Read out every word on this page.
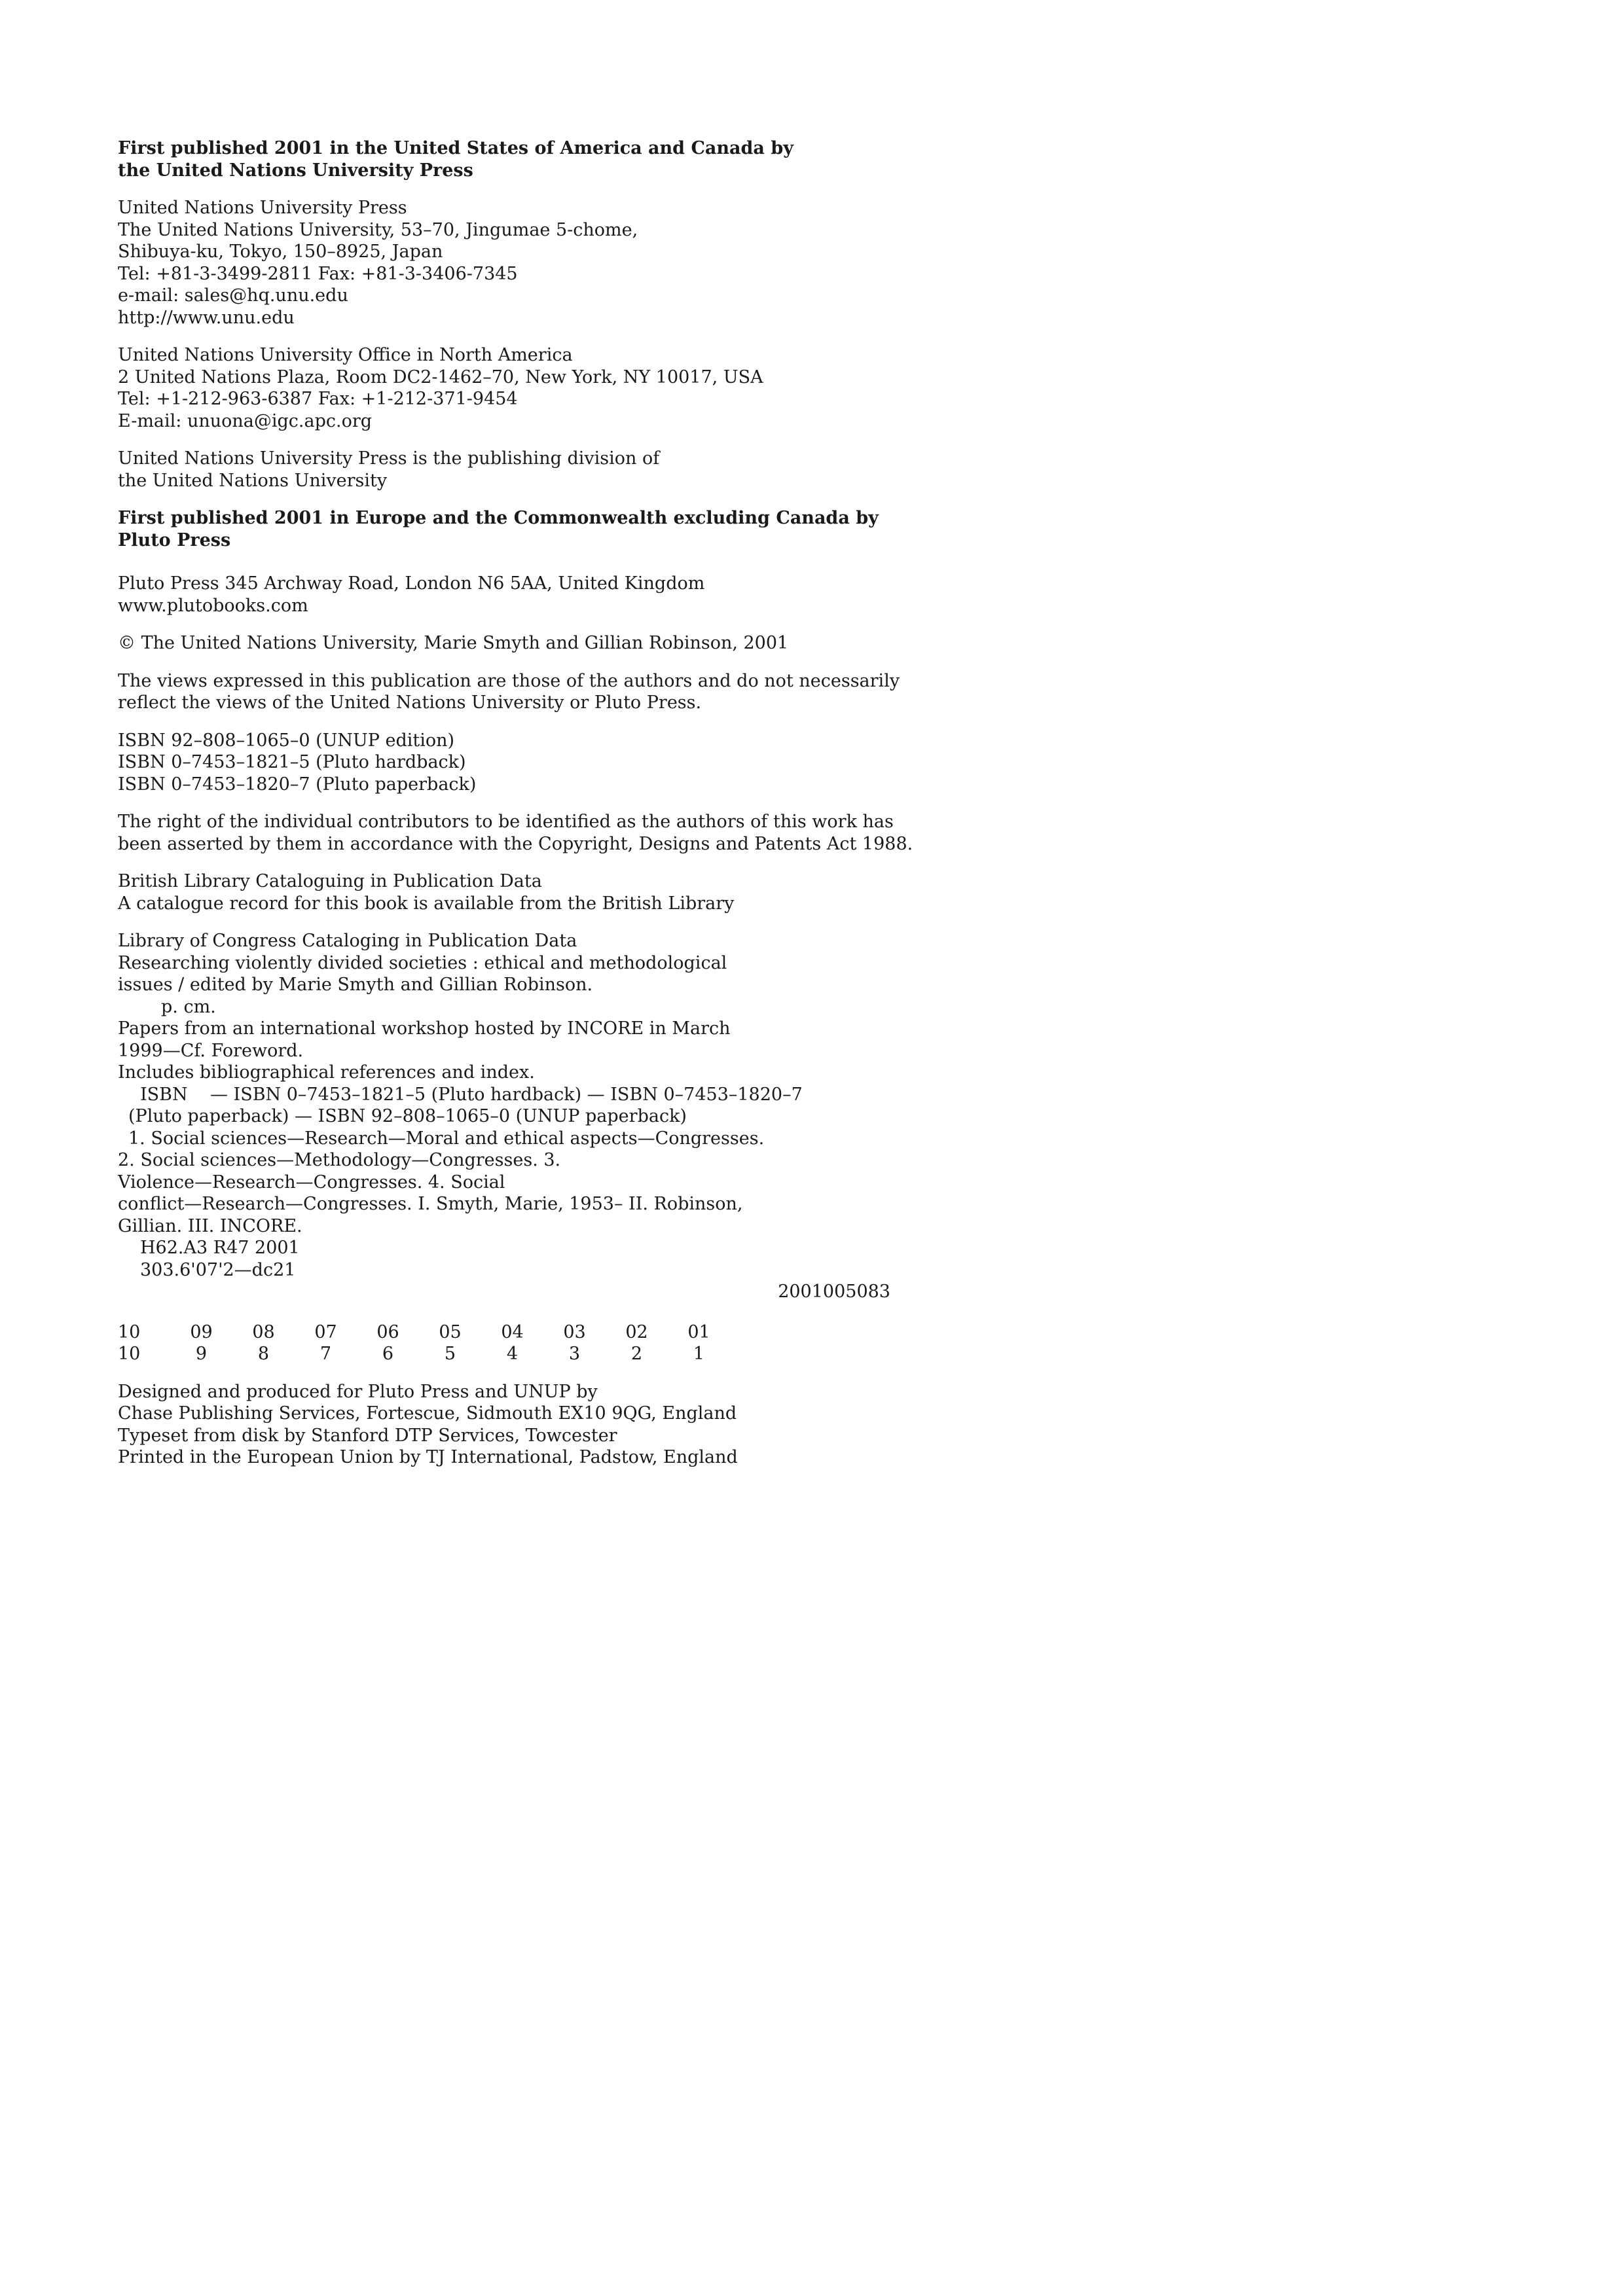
First published 2001 in the United States of America and Canada by
the United Nations University Press
United Nations University Press
The United Nations University, 53–70, Jingumae 5-chome,
Shibuya-ku, Tokyo, 150–8925, Japan
Tel: +81-3-3499-2811 Fax: +81-3-3406-7345
e-mail: sales@hq.unu.edu
http://www.unu.edu
United Nations University Office in North America
2 United Nations Plaza, Room DC2-1462–70, New York, NY 10017, USA
Tel: +1-212-963-6387 Fax: +1-212-371-9454
E-mail: unuona@igc.apc.org
United Nations University Press is the publishing division of
the United Nations University
First published 2001 in Europe and the Commonwealth excluding Canada by
Pluto Press
Pluto Press 345 Archway Road, London N6 5AA, United Kingdom
www.plutobooks.com
© The United Nations University, Marie Smyth and Gillian Robinson, 2001
The views expressed in this publication are those of the authors and do not necessarily
reflect the views of the United Nations University or Pluto Press.
ISBN 92–808–1065–0 (UNUP edition)
ISBN 0–7453–1821–5 (Pluto hardback)
ISBN 0–7453–1820–7 (Pluto paperback)
The right of the individual contributors to be identified as the authors of this work has
been asserted by them in accordance with the Copyright, Designs and Patents Act 1988.
British Library Cataloguing in Publication Data
A catalogue record for this book is available from the British Library
Library of Congress Cataloging in Publication Data
Researching violently divided societies : ethical and methodological
issues / edited by Marie Smyth and Gillian Robinson.
p. cm.
Papers from an international workshop hosted by INCORE in March
1999—Cf. Foreword.
Includes bibliographical references and index.
ISBN    — ISBN 0–7453–1821–5 (Pluto hardback) — ISBN 0–7453–1820–7
(Pluto paperback) — ISBN 92–808–1065–0 (UNUP paperback)
1. Social sciences—Research—Moral and ethical aspects—Congresses.
2. Social sciences—Methodology—Congresses. 3.
Violence—Research—Congresses. 4. Social
conflict—Research—Congresses. I. Smyth, Marie, 1953– II. Robinson,
Gillian. III. INCORE.
H62.A3 R47 2001
303.6'07'2—dc21
2001005083
10	09	08	07	06	05	04	03	02	01
10	9	8	7	6	5	4	3	2	1
Designed and produced for Pluto Press and UNUP by
Chase Publishing Services, Fortescue, Sidmouth EX10 9QG, England
Typeset from disk by Stanford DTP Services, Towcester
Printed in the European Union by TJ International, Padstow, England
